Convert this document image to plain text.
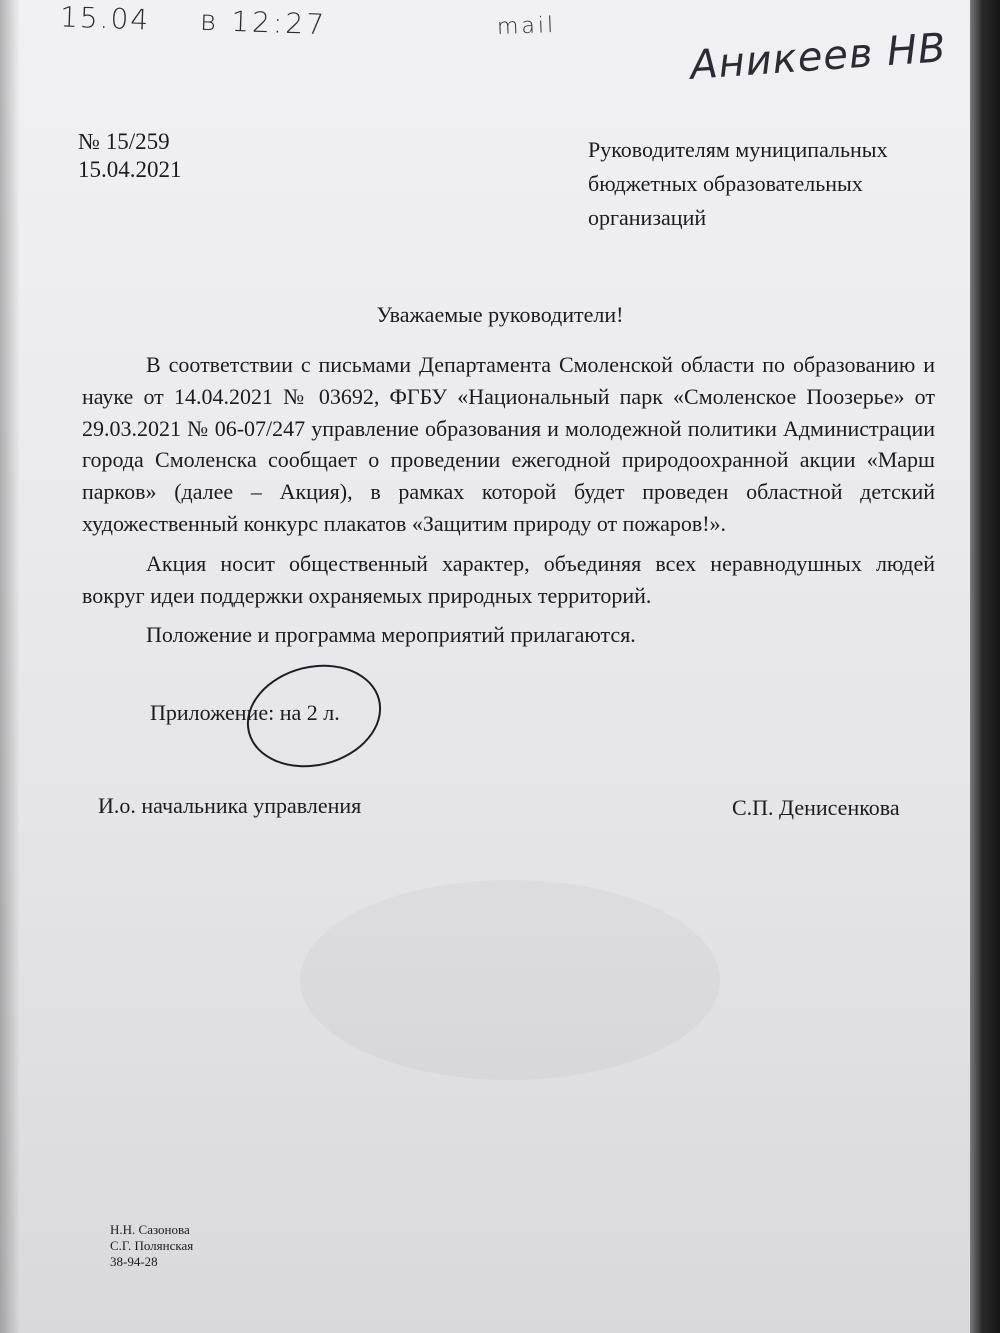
15.04 в 12:27	mail	Аникеев НВ
№ 15/259
15.04.2021
Руководителям муниципальных
бюджетных образовательных
организаций
Уважаемые руководители!

В соответствии с письмами Департамента Смоленской области по образованию и науке от 14.04.2021 № 03692, ФГБУ «Национальный парк «Смоленское Поозерье» от 29.03.2021 № 06-07/247 управление образования и молодежной политики Администрации города Смоленска сообщает о проведении ежегодной природоохранной акции «Марш парков» (далее – Акция), в рамках которой будет проведен областной детский художественный конкурс плакатов «Защитим природу от пожаров!».

Акция носит общественный характер, объединяя всех неравнодушных людей вокруг идеи поддержки охраняемых природных территорий.

Положение и программа мероприятий прилагаются.

Приложение: на 2 л.
И.о. начальника управления	С.П. Денисенкова
Н.Н. Сазонова
С.Г. Полянская
38-94-28
